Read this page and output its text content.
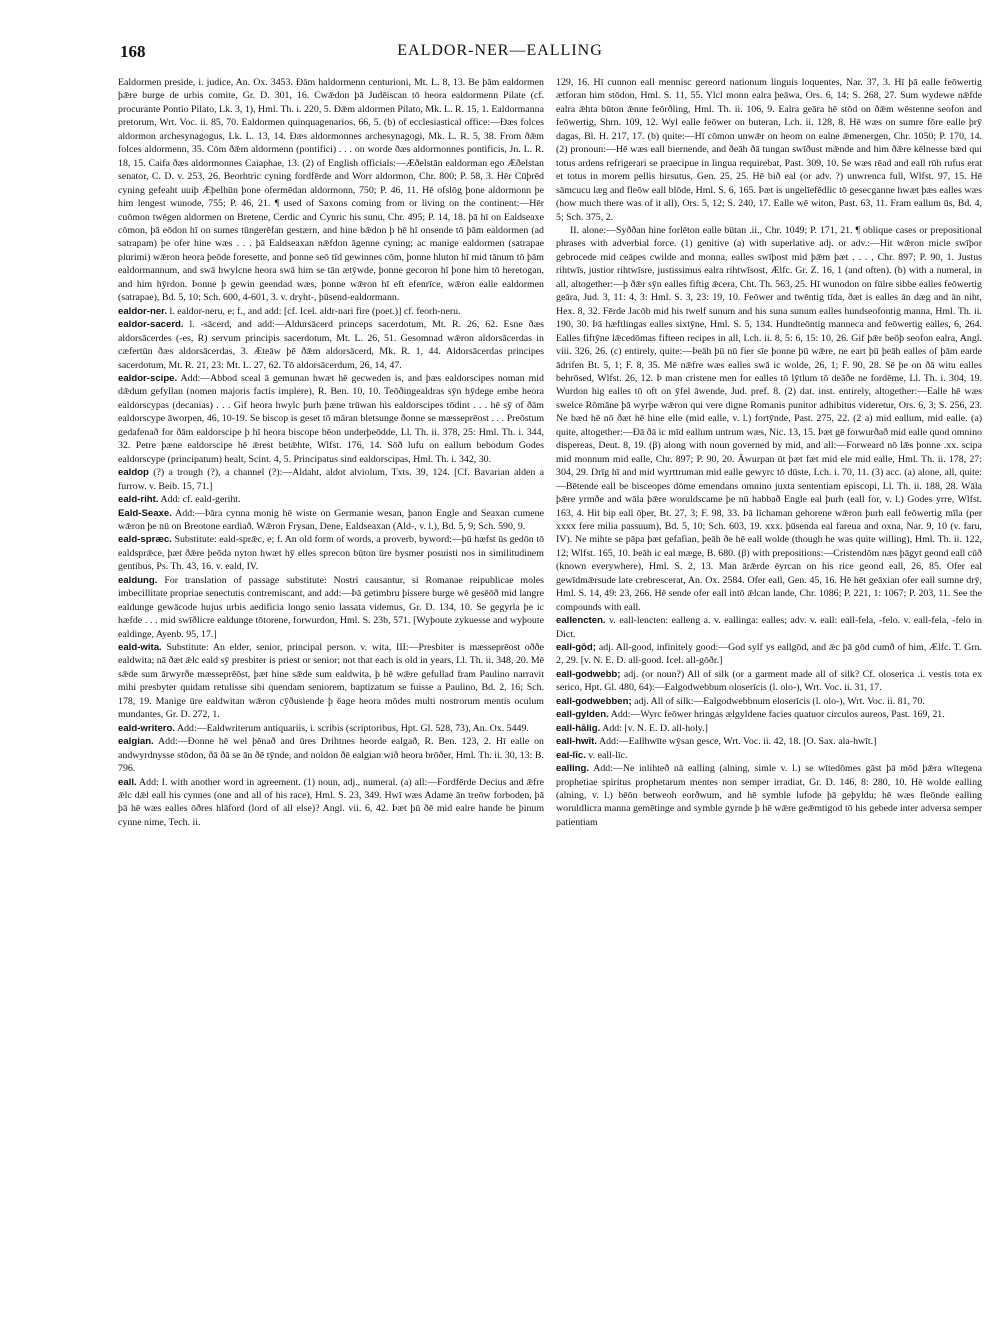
168	EALDOR-NER—EALLING

Ealdormen preside, i. judice, An. Ox. 3453. Ðām haldormenn centurioni, Mt. L. 8, 13. Be þām ealdormen þǣre burge de urbis comite, Gr. D. 301, 16. Cwǣdon þā Judēiscan tō heora ealdormenn Pilate (cf. procurante Pontio Pilato, Lk. 3, 1), Hml. Th. i. 220, 5. Ðǣm aldormen Pilato, Mk. L. R. 15, 1. Ealdormanna pretorum, Wrt. Voc. ii. 85, 70. Ealdormen quinquagenarios, 66, 5. (b) of ecclesiastical office:—Ðæs folces aldormon archesynagogus, Lk. L. 13, 14. Ðæs aldormonnes archesynagogi, Mk. L. R. 5, 38. From ðǣm folces aldormenn, 35. Cōm ðǣm aldormenn (pontifici) . . . on worde ðæs aldormonnes pontificis, Jn. L. R. 18, 15. Caifa ðæs aldormonnes Caiaphae, 13. (2) of English officials:—Æðelstān ealdorman ego Æðelstan senator, C. D. v. 253, 26. Beorhtric cyning fordfērde and Worr aldormon, Chr. 800; P. 58, 3. Hēr Cūþrēd cyning gefeaht uuiþ Æþelhūn þone ofermēdan aldormonn, 750; P. 46, 11. Hē ofslōg þone aldormonn þe him lengest wunode, 755; P. 46, 21. ¶ used of Saxons coming from or living on the continent:—Hēr cuōmon twēgen aldormen on Bretene, Cerdic and Cynric his sunu, Chr. 495; P. 14, 18. þā hī on Ealdseaxe cōmon, þā eōdon hī on sumes tūngerēfan gestærn, and hine bǣdon þ hē hī onsende tō þām ealdormen (ad satrapam) þe ofer hine wæs . . . þā Ealdseaxan nǣfdon āgenne cyning; ac manige ealdormen (satrapae plurimi) wǣron heora þeōde foresette, and þonne seō tīd gewinnes cōm, þonne hluton hī mid tānum tō þām ealdormannum, and swā hwylcne heora swā him se tān ætȳwde, þonne gecoron hī þone him tō heretogan, and him hȳrdon. Þonne þ gewin geendad wæs, þonne wǣron hī eft efenrīce, wǣron ealle ealdormen (satrapae), Bd. 5, 10; Sch. 600, 4-601, 3. v. dryht-, þūsend-ealdormann.

ealdor-ner. l. ealdor-neru, e; f., and add: [cf. Icel. aldr-nari fire (poet.)] cf. feorh-neru.

ealdor-sacerd. l. -sācerd, and add:—Aldursācerd princeps sacerdotum, Mt. R. 26, 62. Esne ðæs aldorsācerdes (-es, R) servum principis sacerdotum, Mt. L. 26, 51. Gesomnad wǣron aldorsācerdas in cæfertūn ðæs aldorsācerdas, 3. Æteāw þē ðǣm aldorsācerd, Mk. R. 1, 44. Aldorsācerdas principes sacerdotum, Mt. R. 21, 23: Mt. L. 27, 62. Tō aldorsācerdum, 26, 14, 47.

ealdor-scipe. Add:—Abbod sceal ā gemunan hwæt hē gecweden is, and þæs ealdorscipes noman mid dǣdum gefyllan (nomen majoris factis implere), R. Ben. 10, 10. Teōðingealdras sȳn hȳdege embe heora ealdorscypas (decanias) . . . Gif heora hwylc þurh þæne trūwan his ealdorscipes tōdint . . . hē sȳ of ðām ealdorscype āworpen, 46, 10-19. Se biscop is geset tō māran bletsunge ðonne se mæsseprēost . . . Preōstum gedafenað for ðām ealdorscipe þ hī heora biscope bēon underþeōdde, Ll. Th. ii. 378, 25: Hml. Th. i. 344, 32. Petre þæne ealdorscipe hē ǣrest betǣhte, Wlfst. 176, 14. Sōð lufu on eallum bebodum Godes ealdorscype (principatum) healt, Scint. 4, 5. Principatus sind ealdorscipas, Hml. Th. i. 342, 30.

ealdop (?) a trough (?), a channel (?):—Aldaht, aldot alviolum, Txts. 39, 124. [Cf. Bavarian alden a furrow. v. Beib. 15, 71.]

eald-riht. Add: cf. eald-geriht.

Eald-Seaxe. Add:—Þāra cynna monig hē wiste on Germanie wesan, þanon Engle and Seaxan cumene wǣron þe nū on Breotone eardiað. Wǣron Frysan, Dene, Ealdseaxan (Ald-, v. l.), Bd. 5, 9; Sch. 590, 9.

eald-spræc. Substitute: eald-sprǣc, e; f. An old form of words, a proverb, byword:—þū hæfst ūs gedōn tō ealdsprǣce, þæt ðǣre þeōda nyton hwæt hȳ elles sprecon būton ūre bysmer posuisti nos in similitudinem gentibus, Ps. Th. 43, 16. v. eald, IV.

ealdung. For translation of passage substitute: Nostri causantur, si Romanae reipublicae moles imbecillitate propriae senectutis contremiscant, and add:—Þā getimbru þissere burge wē gesēōð mid langre ealdunge gewācode hujus urbis aedificia longo senio lassata videmus, Gr. D. 134, 10. Se gegyrla þe ic hæfde . . . mid swīðlicre ealdunge tōtorene, forwurdon, Hml. S. 23b, 571. [Wyþoute zykuesse and wyþoute ealdinge, Ayenb. 95, 17.]

eald-wita. Substitute: An elder, senior, principal person. v. wita, III:—Presbiter is mæsseprēost oððe ealdwita; nā ðæt ǣlc eald sȳ presbiter is priest or senior; not that each is old in years, Ll. Th. ii. 348, 20. Mē sǣde sum ārwyrðe mæsseprēōst, þæt hine sǣde sum ealdwita, þ hē wǣre gefullad fram Paulino narravit mihi presbyter quidam retulisse sibi quendam seniorem, baptizatum se fuisse a Paulino, Bd. 2, 16; Sch. 178, 19. Manige ūre ealdwitan wǣron cȳðusiende þ ēage heora mōdes multi nostrorum mentis oculum mundantes, Gr. D. 272, 1.

eald-writero. Add:—Ealdwriterum antiquariis, i. scribis (scriptoribus, Hpt. Gl. 528, 73), An. Ox. 5449.

ealgian. Add:—Ðonne hē wel þēnað and ūres Drihtnes heorde ealgað, R. Ben. 123, 2. Hī ealle on andwyrdnysse stōdon, ðā ðā se ān ðē tȳnde, and noldon ðē ealgian wið heora brōðer, Hml. Th. ii. 30, 13: B. 796.

eall. Add: I. with another word in agreement. (1) noun, adj., numeral. (a) all:—Fordfērde Decius and ǣfre ǣlc dǣl eall his cynnes (one and all of his race), Hml. S. 23, 349. Hwī wæs Adame ān treōw forboden, þā þā hē wæs ealles ōðres hlāford (lord of all else)? Angl. vii. 6, 42. Þæt þū ðē mid ealre hande be þinum cynne nime, Tech. ii.

129, 16. Hī cunnon eall mennisc gereord nationum linguis loquentes, Nar. 37, 3. Hī þā ealle feōwertig ætforan him stōdon, Hml. S. 11, 55. Ylcl monn ealra þeāwa, Ors. 6, 14; S. 268, 27. Sum wydewe nǣfde ealra ǣhta būton ǣnne feōrðling, Hml. Th. ii. 106, 9. Ealra geāra hē stōd on ðǣm wēstenne seofon and feōwertig, Shrn. 109, 12. Wyl ealle feōwer on buteran, Lch. ii. 128, 8. Hē wæs on sumre fōre ealle þrȳ dagas, Bl. H. 217, 17. (b) quite:—Hī cōmon unwǣr on heom on ealne ǣmenergen, Chr. 1050; P. 170, 14. (2) pronoun:—Hē wæs eall biernende, and ðeāh ðā tungan swīðust mǣnde and him ðǣre kēlnesse bæd qui totus ardens refrigerari se praecipue in lingua requirebat, Past. 309, 10. Se wæs rēad and eall rūh rufus erat et totus in morem pellis hirsutus, Gen. 25, 25. Hē bið eal (or adv. ?) unwrenca full, Wlfst. 97, 15. Hē sāmcucu læg and fleōw eall blōde, Hml. S. 6, 165. Þæt is ungelīefēdlic tō gesecganne hwæt þæs ealles wæs (how much there was of it all), Ors. 5, 12; S. 240, 17. Ealle wē witon, Past. 63, 11. Fram eallum ūs, Bd. 4, 5; Sch. 375, 2.

II. alone:—Syððan hine forlēton ealle būtan .ii., Chr. 1049; P. 171, 21. ¶ oblique cases or prepositional phrases with adverbial force. (1) genitive (a) with superlative adj. or adv.:—Hit wǣron micle swīþor gebrocede mid ceāpes cwilde and monna, ealles swīþost mid þǣm þæt . . . , Chr. 897; P. 90, 1. Justus rihtwīs, justior rihtwīsre, justissimus ealra rihtwīsost, Ælfc. Gr. Z. 16, 1 (and often). (b) with a numeral, in all, altogether:—þ ðǣr sȳn ealles fiftig ǣcera, Cht. Th. 563, 25. Hī wunodon on fūlre sibbe ealles feōwertig geāra, Jud. 3, 11: 4, 3: Hml. S. 3, 23: 19, 10. Feōwer and twēntig tīda, ðæt is ealles ān dæg and ān niht, Hex. 8, 32. Fērde Jacōb mid his twelf sunum and his suna sunum ealles hundseofontig manna, Hml. Th. ii. 190, 30. Þā hæftlingas ealles sixtȳne, Hml. S. 5, 134. Hundteōntig manneca and feōwertig ealles, 6, 264. Ealles fiftȳne lǣcedōmas fifteen recipes in all, Lch. ii. 8, 5: 6, 15: 10, 26. Gif þǣr beōþ seofon ealra, Angl. viii. 326, 26. (c) entirely, quite:—Þeāh þū nū fier sīe þonne þū wǣre, ne eart þū þeāh ealles of þām earde ādrifen Bt. 5, 1; F. 8, 35. Mē nǣfre wæs ealles swā ic wolde, 26, 1; F. 90, 28. Sē þe on ðā witu ealles behrōsed, Wlfst. 26, 12. Þ man cristene men for ealles tō lȳtlum tō deāðe ne fordēme, Ll. Th. i. 304, 19. Wurdon hig ealles tō oft on ȳfel āwende, Jud. pref. 8. (2) dat. inst. entirely, altogether:—Ealle hē wæs swelce Rōmāne þā wyrþe wǣron qui vere digne Romanis punitor adhibitus videretur, Ors. 6, 3; S. 256, 23. Ne bæd hē nō ðæt hē hine elle (mid ealle, v. l.) fortȳnde, Past. 275, 22. (2 a) mid eallum, mid ealle. (a) quite, altogether:—Ðā ðā ic mīd eallum untrum wæs, Nic. 13, 15. Þæt gē forwurðað mid ealle quod omnino dispereas, Deut. 8, 19. (β) along with noun governed by mid, and all:—Forweard nō lǣs þonne .xx. scipa mid monnum mid ealle, Chr. 897; P. 90, 20. Āwurpan ūt þæt fæt mid ele mid ealle, Hml. Th. ii. 178, 27: 304, 29. Drīg hī and mid wyrttruman mid ealle gewyrc tō dūste, Lch. i. 70, 11. (3) acc. (a) alone, all, quite:—Bētende eall be bisceopes dōme emendans omnino juxta sententiam episcopi, Ll. Th. ii. 188, 28. Wāla þǣre yrmðe and wāla þǣre woruldscame þe nū habbað Engle eal þurh (eall for, v. l.) Godes yrre, Wlfst. 163, 4. Hit bip eall ōþer, Bt. 27, 3; F. 98, 33. Þā līchaman gehorene wǣron þurh eall feōwertig mīla (per xxxx fere milia passuum), Bd. 5, 10; Sch. 603, 19. xxx. þūsenda eal fareua and oxna, Nar. 9, 10 (v. faru, IV). Ne mihte se pāpa þæt gefafian, þeāh ðe hē eall wolde (though he was quite willing), Hml. Th. ii. 122, 12; Wlfst. 165, 10. Þeāh ic eal mæge, B. 680. (β) with prepositions:—Cristendōm næs þāgyt geond eall cūð (known everywhere), Hml. S. 2, 13. Man ārǣrde ēyrcan on his rice geond eall, 26, 85. Ofer eal gewīdmǣrsude late crebrescerat, An. Ox. 2584. Ofer eall, Gen. 45, 16. Hē hēt geāxian ofer eall sumne drȳ, Hml. S. 14, 49: 23, 266. Hē sende ofer eall intō ǣlcan lande, Chr. 1086; P. 221, 1: 1067; P. 203, 11. See the compounds with eall.

eallencten. v. eall-lencten: ealleng a. v. eallinga: ealles; adv. v. eall: eall-fela, -felo. v. eall-fela, -felo in Dict.

eall-gōd; adj. All-good, infinitely good:—God sylf ys eallgōd, and ǣc þā gōd cumð of him, Ælfc. T. Grn. 2, 29. [v. N. E. D. all-good. Icel. all-gōðr.]

eall-godwebb; adj. (or noun?) All of silk (or a garment made all of silk? Cf. oloserica .i. vestis tota ex serico, Hpt. Gl. 480, 64):—Ealgodwebbum oloserīcis (l. olo-), Wrt. Voc. ii. 31, 17.

eall-godwebben; adj. All of silk:—Ealgodwebbnum eloserīcis (l. olo-), Wrt. Voc. ii. 81, 70.

eall-gylden. Add:—Wyrc feōwer hringas ælgyldene facies quatuor circulos aureos, Past. 169, 21.

eall-hālig. Add: [v. N. E. D. all-holy.]

eall-hwīt. Add:—Eallhwīte wȳsan gesce, Wrt. Voc. ii. 42, 18. [O. Sax. ala-hwīt.]

eal-līc. v. eall-līc.

ealling. Add:—Ne inlihteð nā ealling (alning, simle v. l.) se wītedōmes gāst þā mōd þǣra wītegena prophetiae spiritus prophetarum mentes non semper irradiat, Gr. D. 146, 8: 280, 10. Hē wolde ealling (alning, v. l.) bēōn betweoh eorðwum, and hē symble lufode þā geþyldu; hē wæs fleōnde ealling woruldlicra manna gemētinge and symble gyrnde þ hē wǣre geǣmtigod tō his gebede inter adversa semper patientiam
